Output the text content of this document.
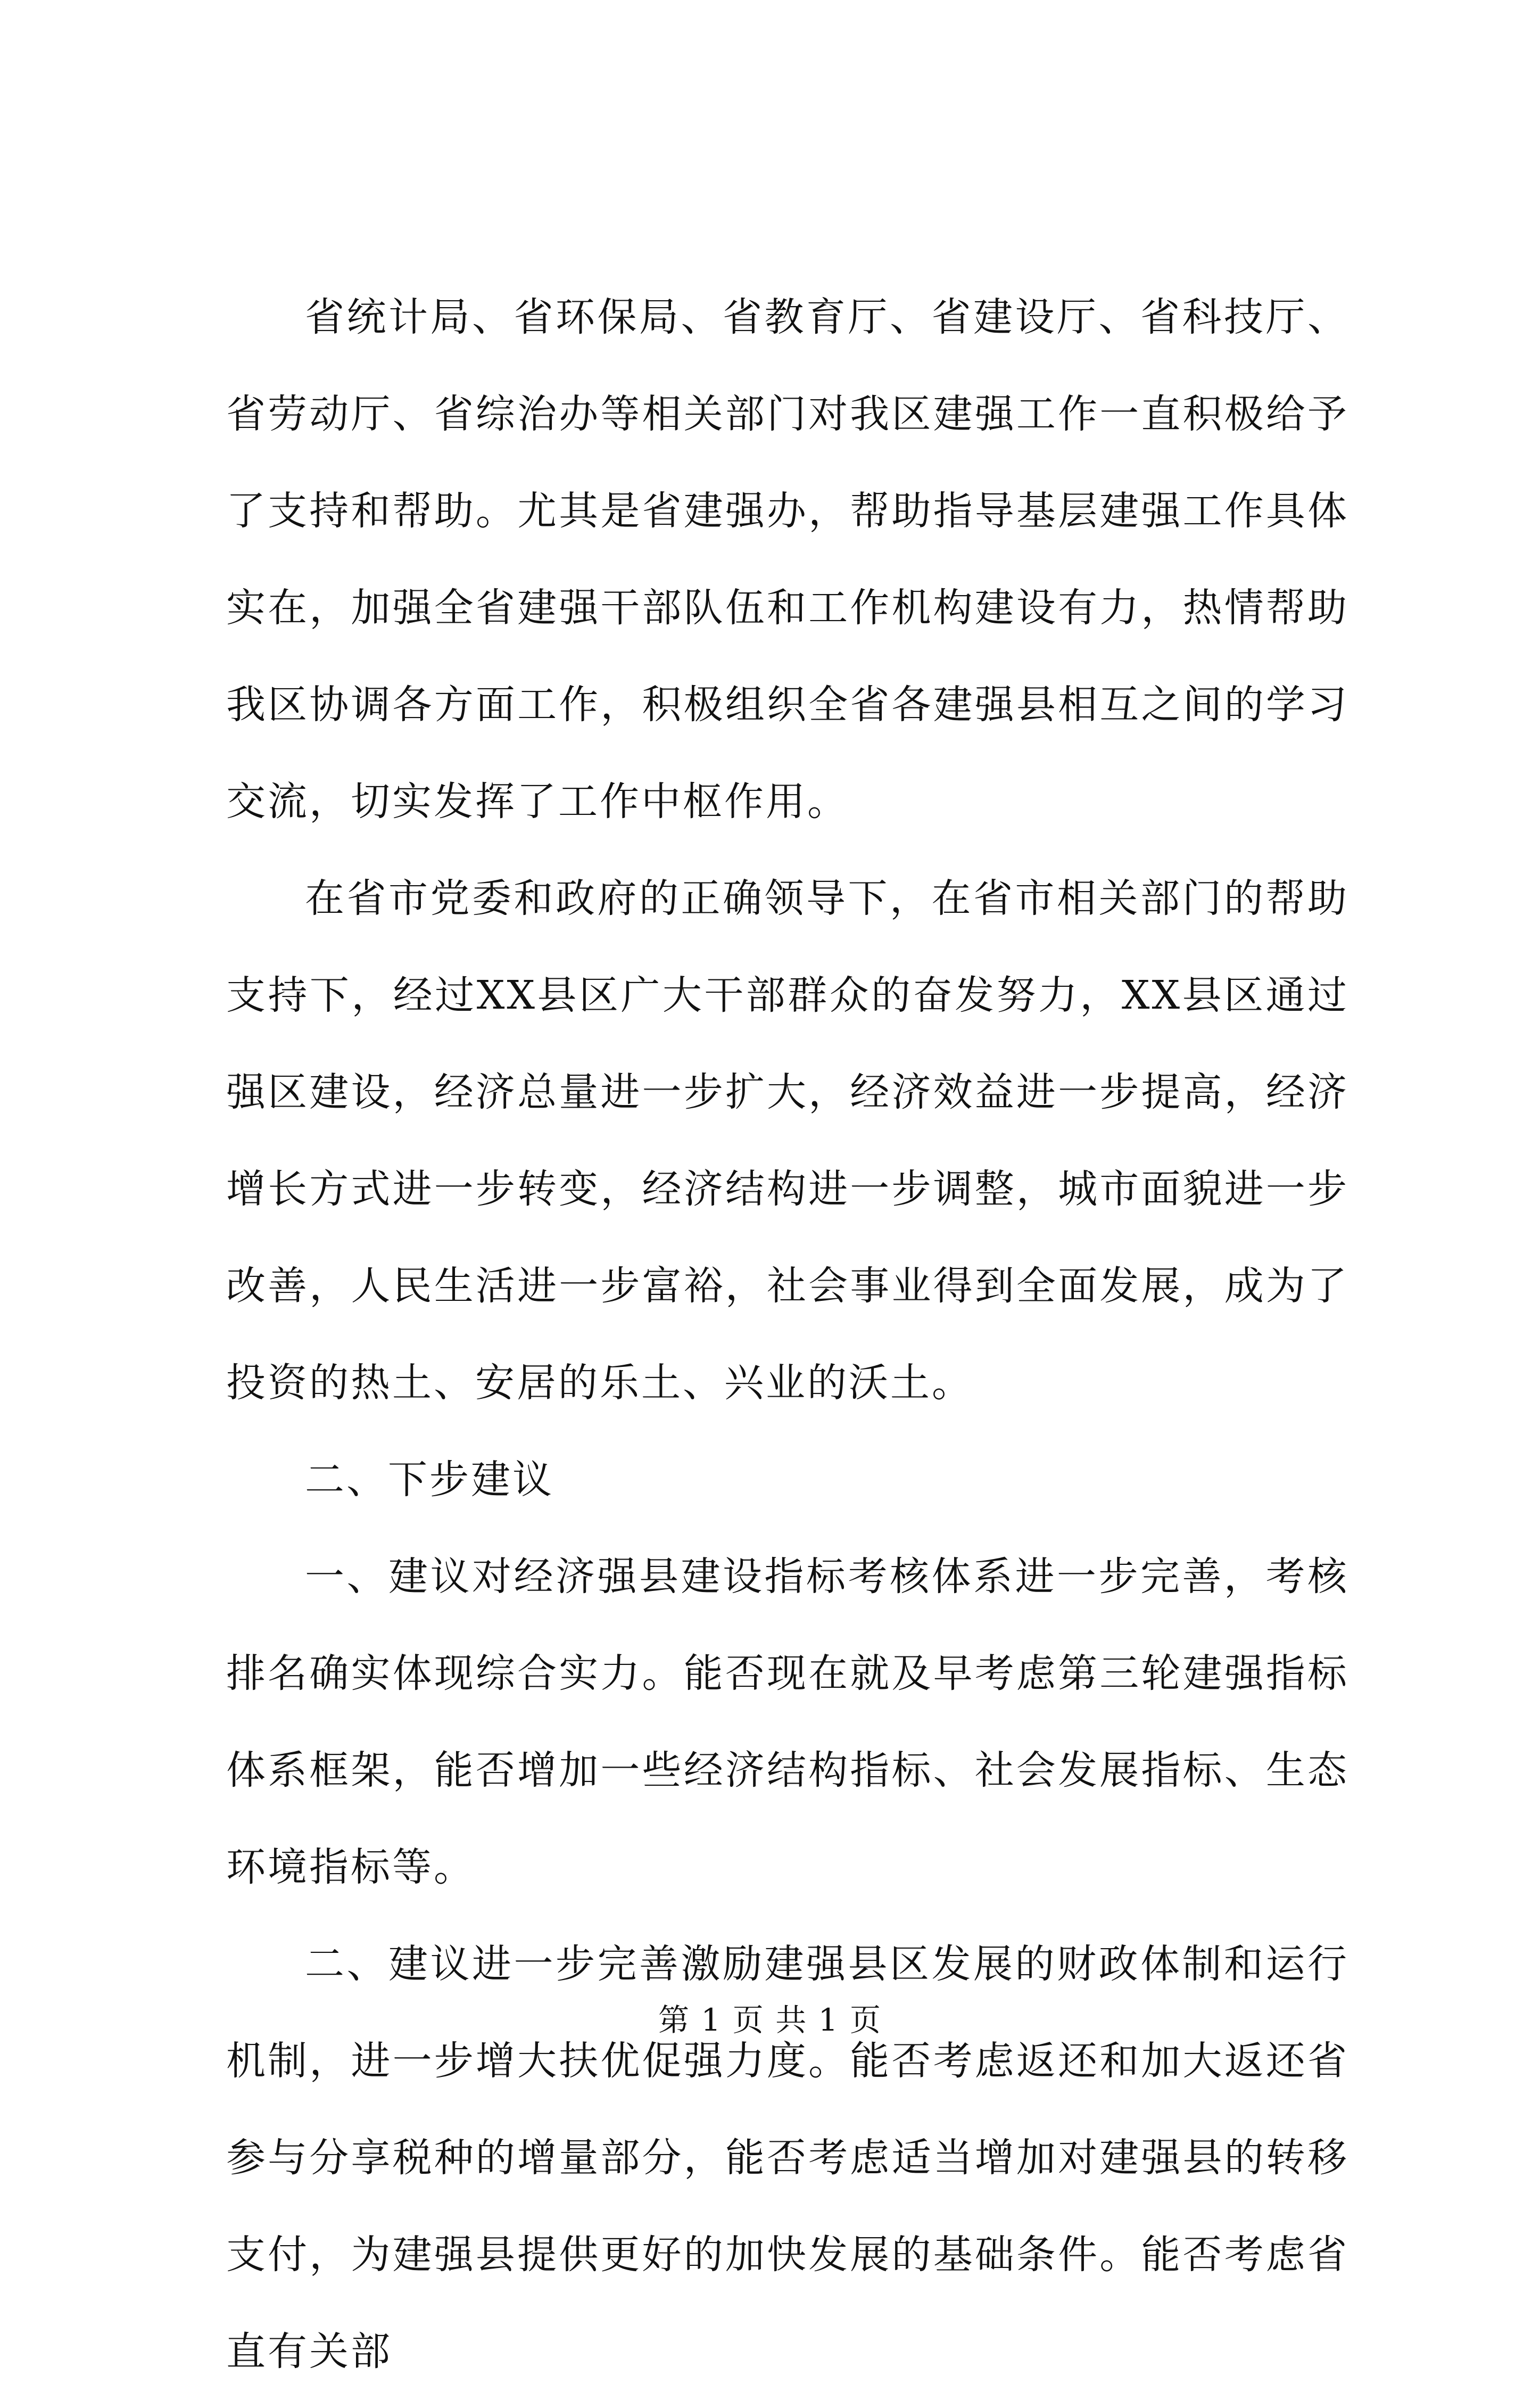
省统计局、省环保局、省教育厅、省建设厅、省科技厅、省劳动厅、省综治办等相关部门对我区建强工作一直积极给予了支持和帮助。尤其是省建强办，帮助指导基层建强工作具体实在，加强全省建强干部队伍和工作机构建设有力，热情帮助我区协调各方面工作，积极组织全省各建强县相互之间的学习交流，切实发挥了工作中枢作用。

在省市党委和政府的正确领导下，在省市相关部门的帮助支持下，经过XX县区广大干部群众的奋发努力，XX县区通过强区建设，经济总量进一步扩大，经济效益进一步提高，经济增长方式进一步转变，经济结构进一步调整，城市面貌进一步改善，人民生活进一步富裕，社会事业得到全面发展，成为了投资的热土、安居的乐土、兴业的沃土。

二、下步建议

一、建议对经济强县建设指标考核体系进一步完善，考核排名确实体现综合实力。能否现在就及早考虑第三轮建强指标体系框架，能否增加一些经济结构指标、社会发展指标、生态环境指标等。

二、建议进一步完善激励建强县区发展的财政体制和运行机制，进一步增大扶优促强力度。能否考虑返还和加大返还省参与分享税种的增量部分，能否考虑适当增加对建强县的转移支付，为建强县提供更好的加快发展的基础条件。能否考虑省直有关部

第 1 页 共 1 页
